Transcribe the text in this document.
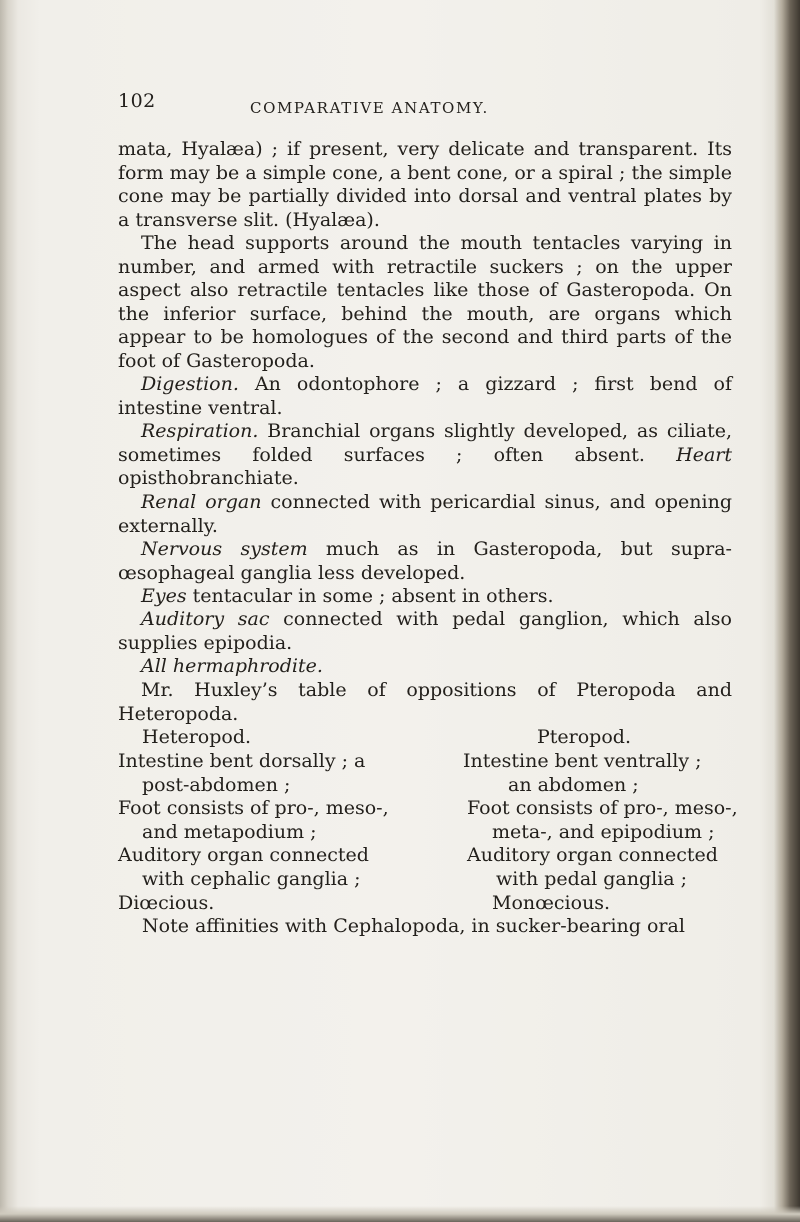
102	COMPARATIVE ANATOMY.
mata, Hyalæa) ; if present, very delicate and transparent. Its form may be a simple cone, a bent cone, or a spiral ; the simple cone may be partially divided into dorsal and ventral plates by a transverse slit. (Hyalæa).
The head supports around the mouth tentacles varying in number, and armed with retractile suckers ; on the upper aspect also retractile tentacles like those of Gasteropoda. On the inferior surface, behind the mouth, are organs which appear to be homologues of the second and third parts of the foot of Gasteropoda.
Digestion. An odontophore ; a gizzard ; first bend of intestine ventral.
Respiration. Branchial organs slightly developed, as ciliate, sometimes folded surfaces ; often absent. Heart opisthobranchiate.
Renal organ connected with pericardial sinus, and opening externally.
Nervous system much as in Gasteropoda, but supra-œsophageal ganglia less developed.
Eyes tentacular in some ; absent in others.
Auditory sac connected with pedal ganglion, which also supplies epipodia.
All hermaphrodite.
Mr. Huxley’s table of oppositions of Pteropoda and Heteropoda.
Heteropod.	Pteropod.
Intestine bent dorsally ; a
post-abdomen ;
Foot consists of pro-, meso-,
and metapodium ;
Auditory organ connected
with cephalic ganglia ;
Diœcious.
Intestine bent ventrally ;
an abdomen ;
Foot consists of pro-, meso-,
meta-, and epipodium ;
Auditory organ connected
with pedal ganglia ;
Monœcious.
Note affinities with Cephalopoda, in sucker-bearing oral
